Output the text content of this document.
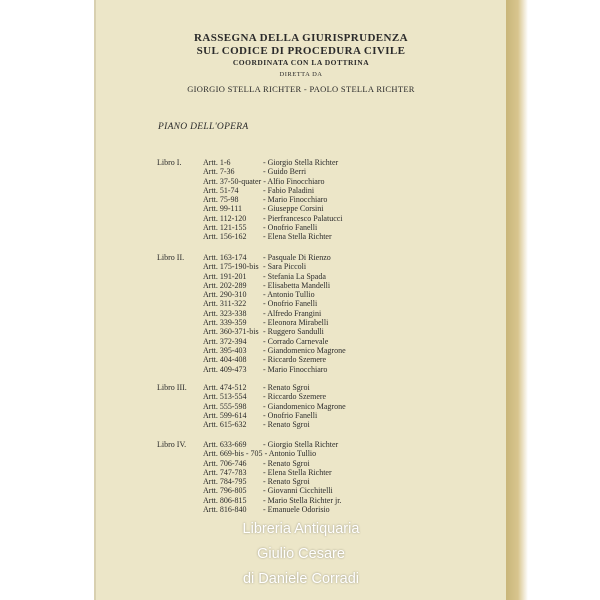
RASSEGNA DELLA GIURISPRUDENZA
SUL CODICE DI PROCEDURA CIVILE
COORDINATA CON LA DOTTRINA
DIRETTA DA
GIORGIO STELLA RICHTER - PAOLO STELLA RICHTER
PIANO DELL'OPERA
Libro I.	Artt. 1-6	- Giorgio Stella Richter
Artt. 7-36	- Guido Berri
Artt. 37-50-quater - Alfio Finocchiaro
Artt. 51-74	- Fabio Paladini
Artt. 75-98	- Mario Finocchiaro
Artt. 99-111	- Giuseppe Corsini
Artt. 112-120 - Pierfrancesco Palatucci
Artt. 121-155 - Onofrio Fanelli
Artt. 156-162 - Elena Stella Richter
Libro II. Artt. 163-174 - Pasquale Di Rienzo
Artt. 175-190-bis - Sara Piccoli
Artt. 191-201 - Stefania La Spada
Artt. 202-289 - Elisabetta Mandelli
Artt. 290-310 - Antonio Tullio
Artt. 311-322 - Onofrio Fanelli
Artt. 323-338 - Alfredo Frangini
Artt. 339-359 - Eleonora Mirabelli
Artt. 360-371-bis - Ruggero Sandulli
Artt. 372-394 - Corrado Carnevale
Artt. 395-403 - Giandomenico Magrone
Artt. 404-408 - Riccardo Szemere
Artt. 409-473 - Mario Finocchiaro
Libro III. Artt. 474-512 - Renato Sgroi
Artt. 513-554 - Riccardo Szemere
Artt. 555-598 - Giandomenico Magrone
Artt. 599-614 - Onofrio Fanelli
Artt. 615-632 - Renato Sgroi
Libro IV. Artt. 633-669 - Giorgio Stella Richter
Artt. 669-bis - 705 - Antonio Tullio
Artt. 706-746 - Renato Sgroi
Artt. 747-783 - Elena Stella Richter
Artt. 784-795 - Renato Sgroi
Artt. 796-805 - Giovanni Cicchitelli
Artt. 806-815 - Mario Stella Richter jr.
Artt. 816-840 - Emanuele Odorisio
Libreria Antiquaria
Giulio Cesare
di Daniele Corradi
